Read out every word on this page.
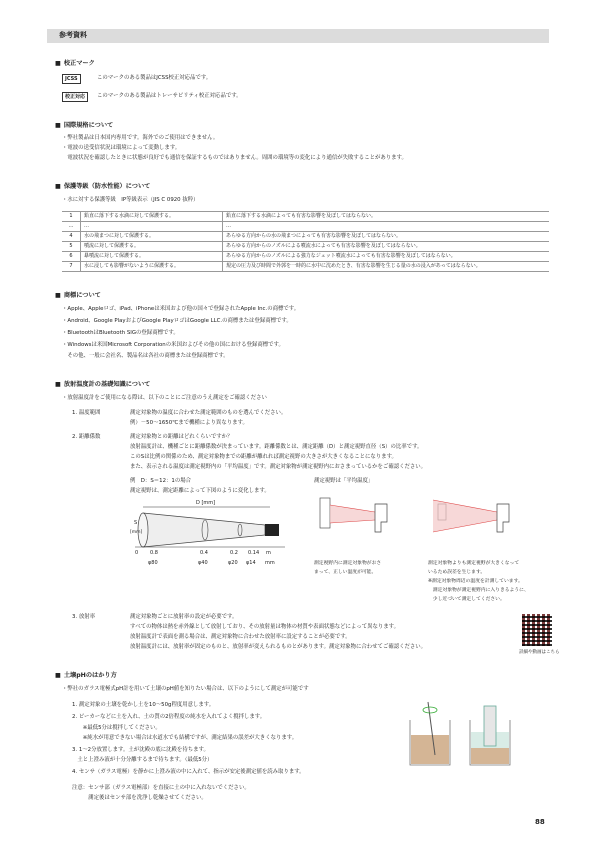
参考資料
■ 校正マーク
JCSS	このマークのある製品はJCSS校正対応品です。
校正対応	このマークのある製品はトレーサビリティ校正対応品です。
■ 国際規格について
・弊社製品は日本国内専用です。海外でのご使用はできません。
・電波の送受信状況は環境によって変動します。
　電波状況を確認したときに状態が良好でも通信を保証するものではありません。周囲の環境等の変化により通信が失敗することがあります。
■ 保護等級（防水性能）について
・水に対する保護等級　IP等級表示（JIS C 0920 抜粋）
1	鉛直に落下する水滴に対して保護する。	鉛直に落下する水滴によっても有害な影響を及ぼしてはならない。
…	…	…
4	水の飛まつに対して保護する。	あらゆる方向からの水の飛まつによっても有害な影響を及ぼしてはならない。
5	噴流に対して保護する。	あらゆる方向からのノズルによる噴流水によっても有害な影響を及ぼしてはならない。
6	暴噴流に対して保護する。	あらゆる方向からのノズルによる強力なジェット噴流水によっても有害な影響を及ぼしてはならない。
7	水に浸しても影響がないように保護する。	規定の圧力及び時間で外郭を一時的に水中に沈めたとき、有害な影響を生じる量の水の浸入があってはならない。
■ 商標について
・Apple、Appleロゴ、iPad、iPhoneは米国および他の国々で登録されたApple Inc.の商標です。
・Android、Google PlayおよびGoogle PlayロゴはGoogle LLC.の商標または登録商標です。
・BluetoothはBluetooth SIGの登録商標です。
・Windowsは米国Microsoft Corporationの米国およびその他の国における登録商標です。
　その他、一般に会社名、製品名は各社の商標または登録商標です。
■ 放射温度計の基礎知識について
・放射温度計をご使用になる際は、以下のことにご注意のうえ測定をご確認ください
1. 温度範囲	測定対象物の温度に合わせた測定範囲のものを選んでください。
例）－50～1650℃まで機種により異なります。
2. 距離係数	測定対象物との距離はどれくらいですか？
放射温度計は、機種ごとに距離係数が決まっています。距離係数とは、測定距離（D）と測定視野直径（S）の比率です。
このSは比例の関係のため、測定対象物までの距離が離れれば測定視野の大きさが大きくなることになります。
また、表示される温度は測定視野内の「平均温度」です。測定対象物が測定視野内におさまっているかをご確認ください。
例　D：S＝12：1の場合
測定視野は、測定距離によって下図のように変化します。
D [mm]
S
[mm]
0 0.8	0.4	0.2 0.14 m
φ80	φ40	φ20 φ14 mm
測定視野は「平均温度」
測定視野内に測定対象物がおさ
まって、正しい温度が可能。
測定対象物よりも測定視野が大きくなって
いるため誤差を生じます。
※測定対象物周辺の温度を計測しています。
　測定対象物が測定視野内に入りきるように、
　少し近づいて測定してください。
3. 放射率	測定対象物ごとに放射率の設定が必要です。
すべての物体は熱を赤外線として放射しており、その放射量は物体の材質や表面状態などによって異なります。
放射温度計で表面を測る場合は、測定対象物に合わせた放射率に設定することが必要です。
放射温度計には、放射率が固定のものと、放射率が変えられるものとがあります。測定対象物に合わせてご確認ください。
詳細や動画はこちら
■ 土壌pHのはかり方
・弊社のガラス電極式pH計を用いて土壌のpH値を知りたい場合は、以下のようにして測定が可能です
1. 測定対象の土壌を乾かし土を10～50g程度用意します。
2. ビーカーなどに土を入れ、土の質の2倍程度の純水を入れてよく撹拌します。
　　※最低5分は撹拌してください。
　　※純水が用意できない場合は水道水でも結構ですが、測定結果の誤差が大きくなります。
3. 1～2分放置します。土が沈殿の底に沈殿を待ちます。
　土と上澄み液が十分分離するまで待ちます。（最低5分）
4. センサ（ガラス電極）を静かに上澄み液の中に入れて、指示が安定後測定値を読み取ります。
注意：センサ部（ガラス電極部）を直接に土の中に入れないでください。
　　　測定後はセンサ部を洗浄し乾燥させてください。
88
